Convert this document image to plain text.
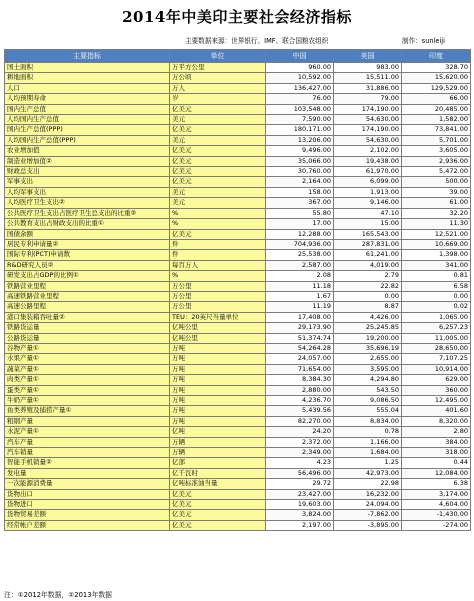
2014年中美印主要社会经济指标
主要数据来源：世界银行、IMF、联合国粮农组织	制作：sunleiji
主要指标	单位	中国	美国	印度
国土面积	万平方公里	960.00	983.00	328.70
耕地面积	万公顷	10,592.00	15,511.00	15,620.00
人口	万人	136,427.00	31,886.00	129,529.00
人均预期寿命	岁	76.00	79.00	66.00
国内生产总值	亿美元	103,548.00	174,190.00	20,485.00
人均国内生产总值	美元	7,590.00	54,630.00	1,582.00
国内生产总值(PPP)	亿美元	180,171.00	174,190.00	73,841.00
人均国内生产总值(PPP)	美元	13,206.00	54,630.00	5,701.00
农业增加值	亿美元	9,496.00	2,102.00	3,605.00
制造业增加值②	亿美元	35,066.00	19,438.00	2,936.00
财政总支出	亿美元	30,760.00	61,970.00	5,472.00
军事支出	亿美元	2,164.00	6,099.00	500.00
人均军事支出	美元	158.00	1,913.00	39.00
人均医疗卫生支出②	美元	367.00	9,146.00	61.00
公共医疗卫生支出占医疗卫生总支出的比重②	%	55.80	47.10	32.20
公共教育支出占财政支出的比重①	%	17.00	15.00	11.30
国债余额	亿美元	12,288.00	165,543.00	12,521.00
居民专利申请量②	件	704,936.00	287,831.00	10,669.00
国际专利(PCT)申请数	件	25,538.00	61,241.00	1,398.00
R&D研究人员②	每百万人	2,587.00	4,019.00	341.00
研发支出占GDP的比例①	%	2.08	2.79	0.81
铁路营业里程	万公里	11.18	22.82	6.58
高速铁路营业里程	万公里	1.67	0.00	0.00
高速公路里程	万公里	11.19	8.87	0.02
港口集装箱吞吐量②	TEU：20英尺当量单位	17,408.00	4,426.00	1,065.00
铁路货运量	亿吨公里	29,173.90	25,245.85	6,257.23
公路货运量	亿吨公里	51,374.74	19,200.00	11,005.00
谷物产量①	万吨	54,264.28	35,696.19	28,650.00
水果产量①	万吨	24,057.00	2,655.00	7,107.25
蔬菜产量①	万吨	71,654.00	3,595.00	10,914.00
肉类产量①	万吨	8,384.30	4,294.80	629.00
蛋类产量①	万吨	2,880.00	543.50	360.00
牛奶产量①	万吨	4,236.70	9,086.50	12,495.00
鱼类养殖及捕捞产量①	万吨	5,439.56	555.04	401.60
粗钢产量	万吨	82,270.00	8,834.00	8,320.00
水泥产量①	亿吨	24.20	0.78	2.80
汽车产量	万辆	2,372.00	1,166.00	384.00
汽车销量	万辆	2,349.00	1,684.00	318.00
智能手机销量②	亿部	4.23	1.25	0.44
发电量	亿千瓦时	56,496.00	42,973.00	12,084.00
一次能源消费量	亿吨标准油当量	29.72	22.98	6.38
货物出口	亿美元	23,427.00	16,232.00	3,174.00
货物进口	亿美元	19,603.00	24,094.00	4,604.00
货物贸易差额	亿美元	3,824.00	-7,862.00	-1,430.00
经常帐户差额	亿美元	2,197.00	-3,895.00	-274.00
注：①2012年数据，②2013年数据
